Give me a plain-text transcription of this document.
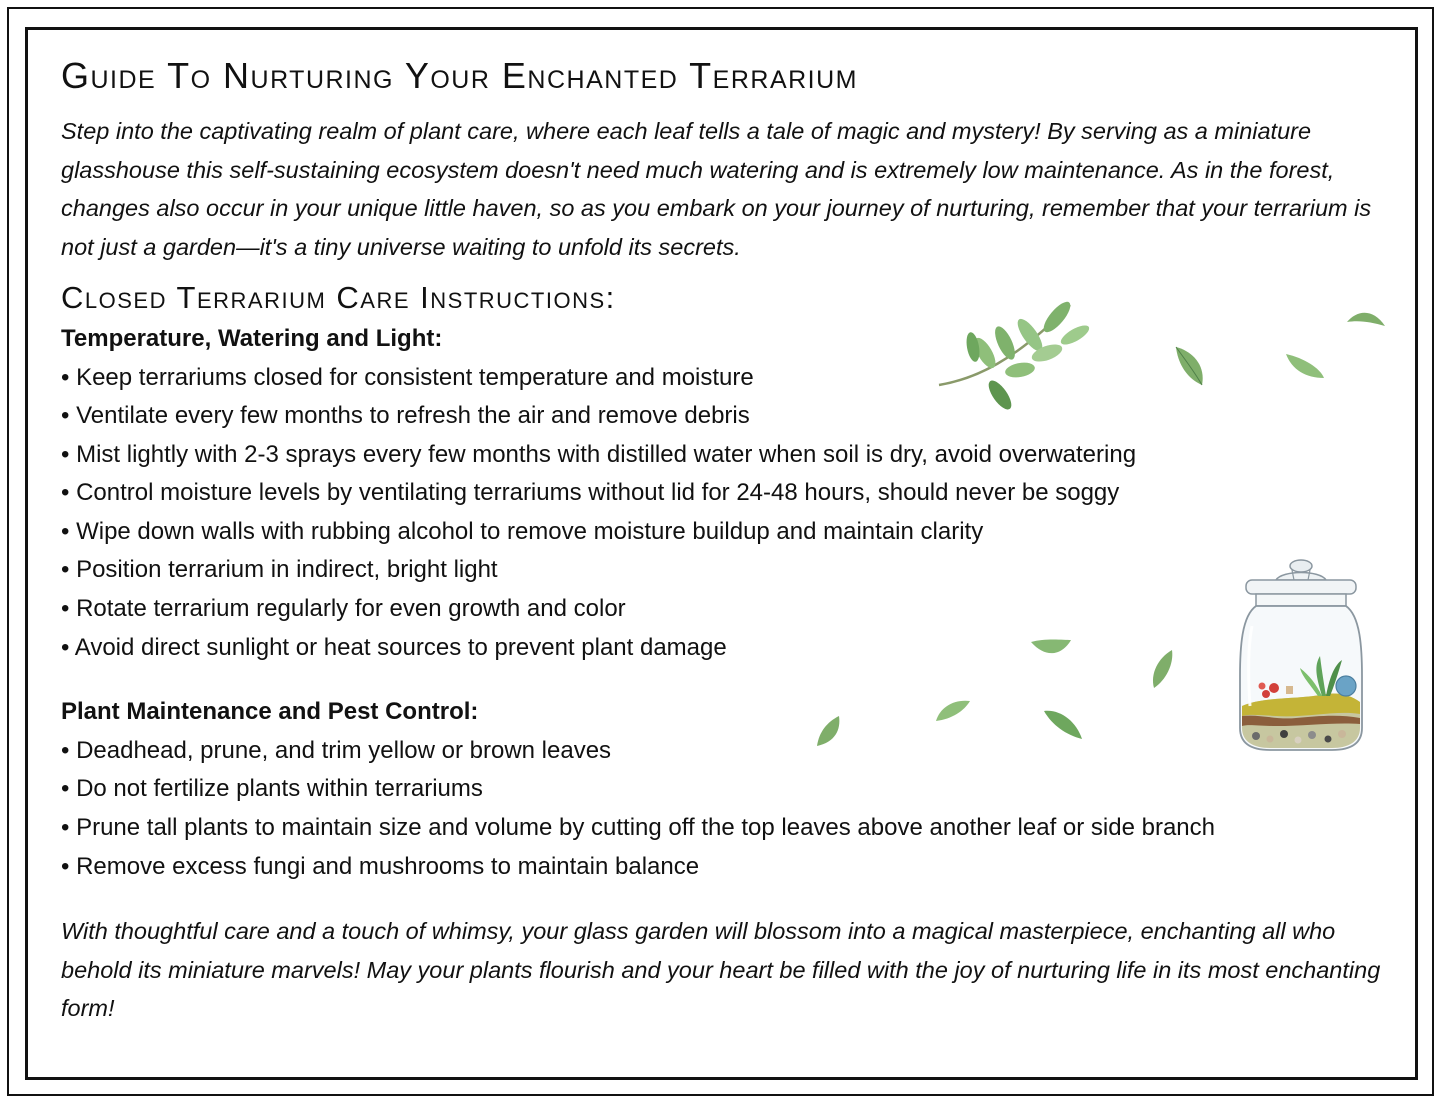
Guide To Nurturing Your Enchanted Terrarium

Step into the captivating realm of plant care, where each leaf tells a tale of magic and mystery! By serving as a miniature glasshouse this self-sustaining ecosystem doesn't need much watering and is extremely low maintenance. As in the forest, changes also occur in your unique little haven, so as you embark on your journey of nurturing, remember that your terrarium is not just a garden—it's a tiny universe waiting to unfold its secrets.

Closed Terrarium Care Instructions:

Temperature, Watering and Light:

• Keep terrariums closed for consistent temperature and moisture
• Ventilate every few months to refresh the air and remove debris
• Mist lightly with 2-3 sprays every few months with distilled water when soil is dry, avoid overwatering
• Control moisture levels by ventilating terrariums without lid for 24-48 hours, should never be soggy
• Wipe down walls with rubbing alcohol to remove moisture buildup and maintain clarity
• Position terrarium in indirect, bright light
• Rotate terrarium regularly for even growth and color
• Avoid direct sunlight or heat sources to prevent plant damage

Plant Maintenance and Pest Control:

• Deadhead, prune, and trim yellow or brown leaves
• Do not fertilize plants within terrariums
• Prune tall plants to maintain size and volume by cutting off the top leaves above another leaf or side branch
• Remove excess fungi and mushrooms to maintain balance

With thoughtful care and a touch of whimsy, your glass garden will blossom into a magical masterpiece, enchanting all who behold its miniature marvels! May your plants flourish and your heart be filled with the joy of nurturing life in its most enchanting form!
